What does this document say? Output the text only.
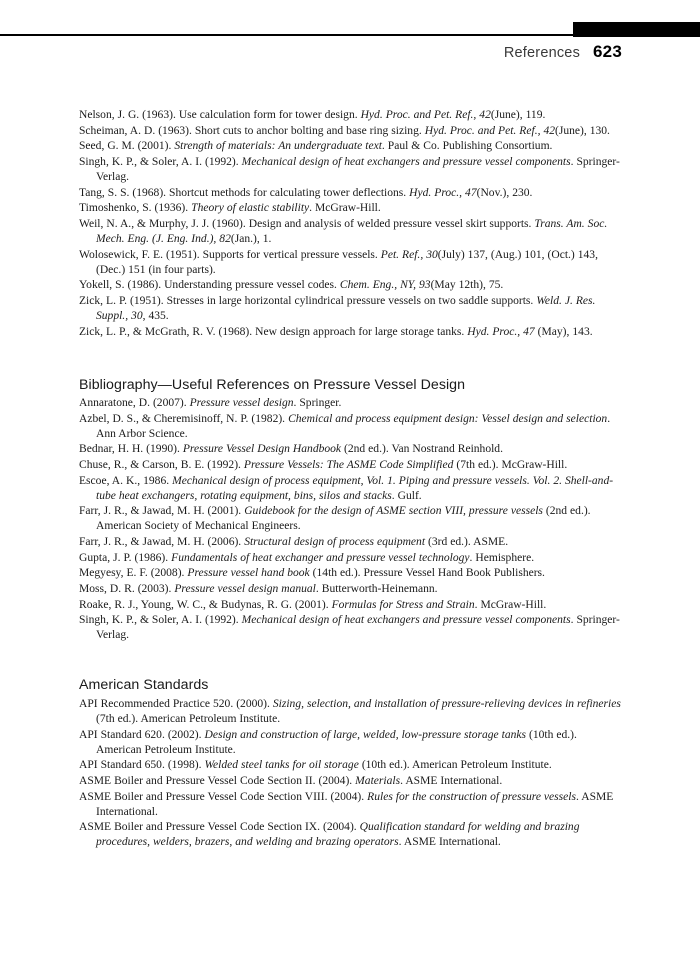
References 623
Nelson, J. G. (1963). Use calculation form for tower design. Hyd. Proc. and Pet. Ref., 42(June), 119.
Scheiman, A. D. (1963). Short cuts to anchor bolting and base ring sizing. Hyd. Proc. and Pet. Ref., 42(June), 130.
Seed, G. M. (2001). Strength of materials: An undergraduate text. Paul & Co. Publishing Consortium.
Singh, K. P., & Soler, A. I. (1992). Mechanical design of heat exchangers and pressure vessel components. Springer-Verlag.
Tang, S. S. (1968). Shortcut methods for calculating tower deflections. Hyd. Proc., 47(Nov.), 230.
Timoshenko, S. (1936). Theory of elastic stability. McGraw-Hill.
Weil, N. A., & Murphy, J. J. (1960). Design and analysis of welded pressure vessel skirt supports. Trans. Am. Soc. Mech. Eng. (J. Eng. Ind.), 82(Jan.), 1.
Wolosewick, F. E. (1951). Supports for vertical pressure vessels. Pet. Ref., 30(July) 137, (Aug.) 101, (Oct.) 143, (Dec.) 151 (in four parts).
Yokell, S. (1986). Understanding pressure vessel codes. Chem. Eng., NY, 93(May 12th), 75.
Zick, L. P. (1951). Stresses in large horizontal cylindrical pressure vessels on two saddle supports. Weld. J. Res. Suppl., 30, 435.
Zick, L. P., & McGrath, R. V. (1968). New design approach for large storage tanks. Hyd. Proc., 47 (May), 143.
Bibliography—Useful References on Pressure Vessel Design
Annaratone, D. (2007). Pressure vessel design. Springer.
Azbel, D. S., & Cheremisinoff, N. P. (1982). Chemical and process equipment design: Vessel design and selection. Ann Arbor Science.
Bednar, H. H. (1990). Pressure Vessel Design Handbook (2nd ed.). Van Nostrand Reinhold.
Chuse, R., & Carson, B. E. (1992). Pressure Vessels: The ASME Code Simplified (7th ed.). McGraw-Hill.
Escoe, A. K., 1986. Mechanical design of process equipment, Vol. 1. Piping and pressure vessels. Vol. 2. Shell-and-tube heat exchangers, rotating equipment, bins, silos and stacks. Gulf.
Farr, J. R., & Jawad, M. H. (2001). Guidebook for the design of ASME section VIII, pressure vessels (2nd ed.). American Society of Mechanical Engineers.
Farr, J. R., & Jawad, M. H. (2006). Structural design of process equipment (3rd ed.). ASME.
Gupta, J. P. (1986). Fundamentals of heat exchanger and pressure vessel technology. Hemisphere.
Megyesy, E. F. (2008). Pressure vessel hand book (14th ed.). Pressure Vessel Hand Book Publishers.
Moss, D. R. (2003). Pressure vessel design manual. Butterworth-Heinemann.
Roake, R. J., Young, W. C., & Budynas, R. G. (2001). Formulas for Stress and Strain. McGraw-Hill.
Singh, K. P., & Soler, A. I. (1992). Mechanical design of heat exchangers and pressure vessel components. Springer-Verlag.
American Standards
API Recommended Practice 520. (2000). Sizing, selection, and installation of pressure-relieving devices in refineries (7th ed.). American Petroleum Institute.
API Standard 620. (2002). Design and construction of large, welded, low-pressure storage tanks (10th ed.). American Petroleum Institute.
API Standard 650. (1998). Welded steel tanks for oil storage (10th ed.). American Petroleum Institute.
ASME Boiler and Pressure Vessel Code Section II. (2004). Materials. ASME International.
ASME Boiler and Pressure Vessel Code Section VIII. (2004). Rules for the construction of pressure vessels. ASME International.
ASME Boiler and Pressure Vessel Code Section IX. (2004). Qualification standard for welding and brazing procedures, welders, brazers, and welding and brazing operators. ASME International.
